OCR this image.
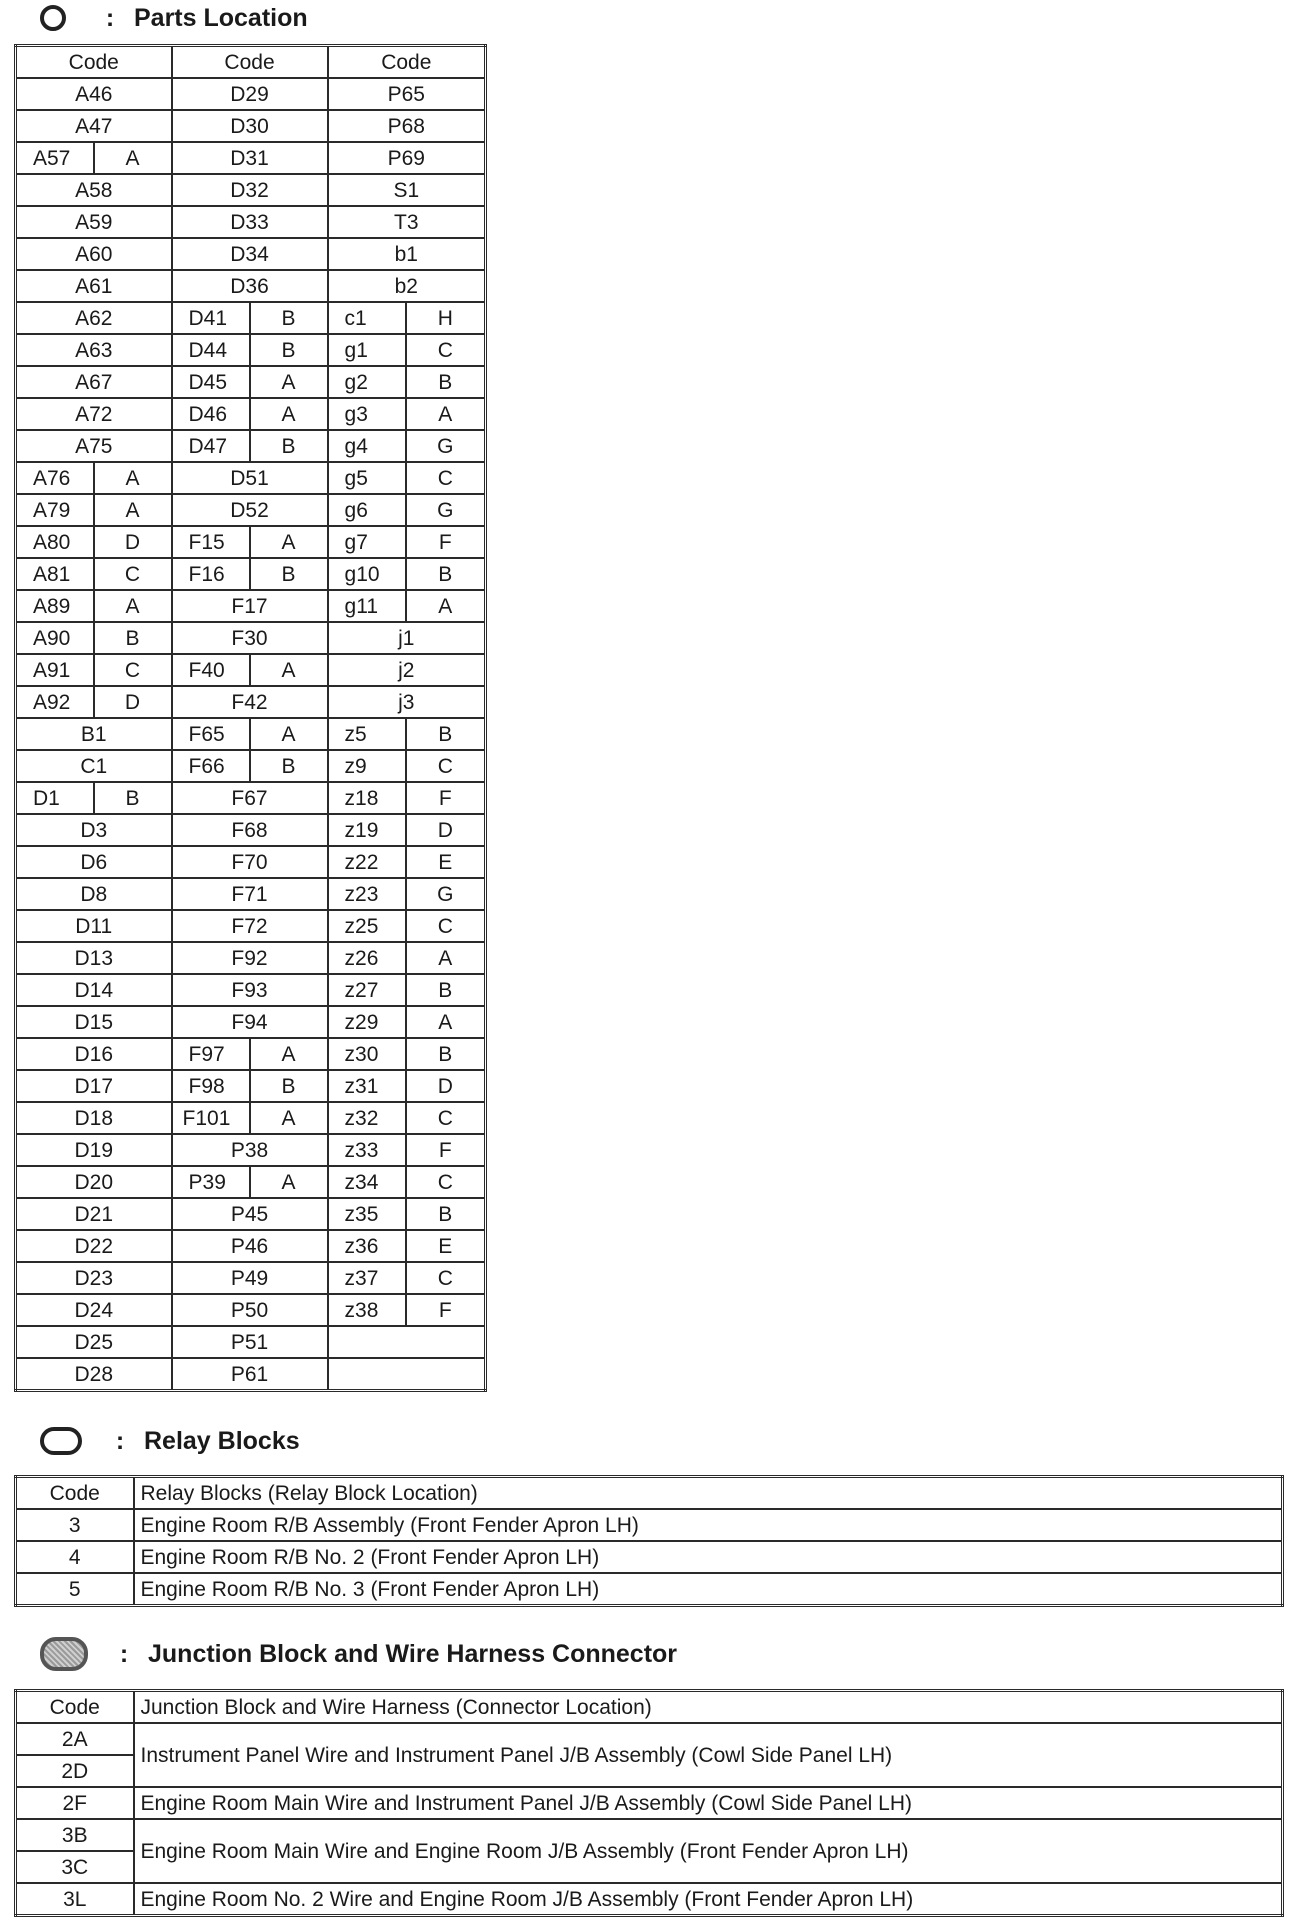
: Parts Location
Code		Code		Code	
A46		D29		P65	
A47		D30		P68	
A57	A	D31		P69	
A58		D32		S1	
A59		D33		T3	
A60		D34		b1	
A61		D36		b2	
A62		D41	B	c1	H
A63		D44	B	g1	C
A67		D45	A	g2	B
A72		D46	A	g3	A
A75		D47	B	g4	G
A76	A	D51		g5	C
A79	A	D52		g6	G
A80	D	F15	A	g7	F
A81	C	F16	B	g10	B
A89	A	F17		g11	A
A90	B	F30		j1	
A91	C	F40	A	j2	
A92	D	F42		j3	
B1		F65	A	z5	B
C1		F66	B	z9	C
D1	B	F67		z18	F
D3		F68		z19	D
D6		F70		z22	E
D8		F71		z23	G
D11		F72		z25	C
D13		F92		z26	A
D14		F93		z27	B
D15		F94		z29	A
D16		F97	A	z30	B
D17		F98	B	z31	D
D18		F101	A	z32	C
D19		P38		z33	F
D20		P39	A	z34	C
D21		P45		z35	B
D22		P46		z36	E
D23		P49		z37	C
D24		P50		z38	F
D25		P51			
D28		P61			
: Relay Blocks
Code	Relay Blocks (Relay Block Location)
3	Engine Room R/B Assembly (Front Fender Apron LH)
4	Engine Room R/B No. 2 (Front Fender Apron LH)
5	Engine Room R/B No. 3 (Front Fender Apron LH)
: Junction Block and Wire Harness Connector
Code	Junction Block and Wire Harness (Connector Location)
2A	Instrument Panel Wire and Instrument Panel J/B Assembly (Cowl Side Panel LH)
2D	
2F	Engine Room Main Wire and Instrument Panel J/B Assembly (Cowl Side Panel LH)
3B	Engine Room Main Wire and Engine Room J/B Assembly (Front Fender Apron LH)
3C	
3L	Engine Room No. 2 Wire and Engine Room J/B Assembly (Front Fender Apron LH)
